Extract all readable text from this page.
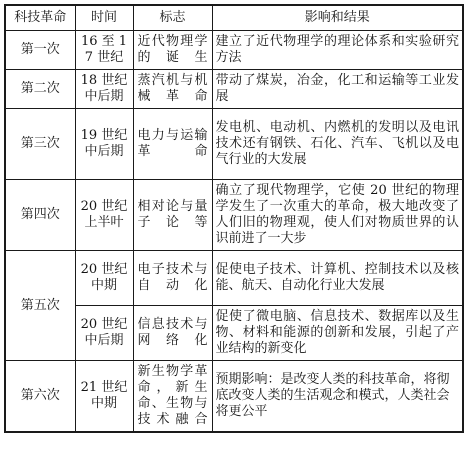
科技革命	时间	标志	影响和结果
第一次	16 至 17 世纪	近代物理学的诞生	建立了近代物理学的理论体系和实验研究方法
第二次	18 世纪中后期	蒸汽机与机械革命	带动了煤炭，冶金，化工和运输等工业发展
第三次	19 世纪中后期	电力与运输革命	发电机、电动机、内燃机的发明以及电讯技术还有钢铁、石化、汽车、飞机以及电气行业的大发展
第四次	20 世纪上半叶	相对论与量子论等	确立了现代物理学，它使 20 世纪的物理学发生了一次重大的革命，极大地改变了人们旧的物理观，使人们对物质世界的认识前进了一大步
第五次	20 世纪中期	电子技术与自动化	促使电子技术、计算机、控制技术以及核能、航天、自动化行业大发展
	20 世纪中后期	信息技术与网络化	促使了微电脑、信息技术、数据库以及生物、材料和能源的创新和发展，引起了产业结构的新变化
第六次	21 世纪中期	新生物学革命，新生命、生物与技术融合	预期影响：是改变人类的科技革命，将彻底改变人类的生活观念和模式，人类社会将更公平
